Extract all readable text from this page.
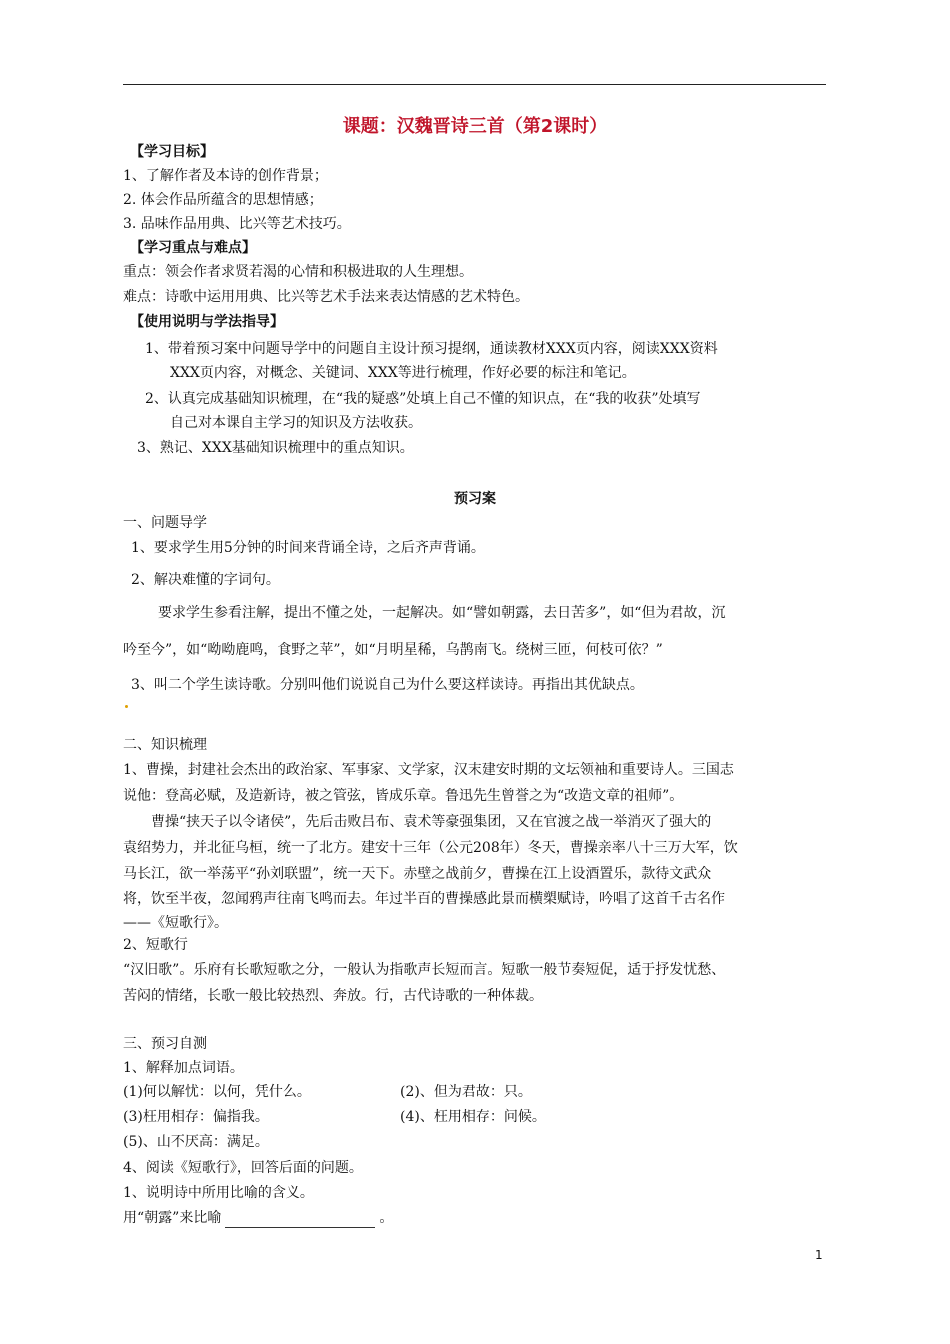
课题：汉魏晋诗三首（第2课时）
【学习目标】
1、了解作者及本诗的创作背景；
2. 体会作品所蕴含的思想情感；
3. 品味作品用典、比兴等艺术技巧。
【学习重点与难点】
重点：领会作者求贤若渴的心情和积极进取的人生理想。
难点：诗歌中运用用典、比兴等艺术手法来表达情感的艺术特色。
【使用说明与学法指导】
1、带着预习案中问题导学中的问题自主设计预习提纲，通读教材XXX页内容，阅读XXX资料
XXX页内容，对概念、关键词、XXX等进行梳理，作好必要的标注和笔记。
2、认真完成基础知识梳理，在“我的疑惑”处填上自己不懂的知识点，在“我的收获”处填写
自己对本课自主学习的知识及方法收获。
3、熟记、XXX基础知识梳理中的重点知识。
预习案
一、问题导学
1、要求学生用5分钟的时间来背诵全诗，之后齐声背诵。
2、解决难懂的字词句。
要求学生参看注解，提出不懂之处，一起解决。如“譬如朝露，去日苦多”，如“但为君故，沉
吟至今”，如“呦呦鹿鸣，食野之苹”，如“月明星稀，乌鹊南飞。绕树三匝，何枝可依？”
3、叫二个学生读诗歌。分别叫他们说说自己为什么要这样读诗。再指出其优缺点。
二、知识梳理
1、曹操，封建社会杰出的政治家、军事家、文学家，汉末建安时期的文坛领袖和重要诗人。三国志
说他：登高必赋，及造新诗，被之管弦，皆成乐章。鲁迅先生曾誉之为“改造文章的祖师”。
曹操“挟天子以令诸侯”，先后击败吕布、袁术等豪强集团，又在官渡之战一举消灭了强大的
袁绍势力，并北征乌桓，统一了北方。建安十三年（公元208年）冬天，曹操亲率八十三万大军，饮
马长江，欲一举荡平“孙刘联盟”，统一天下。赤壁之战前夕，曹操在江上设酒置乐，款待文武众
将，饮至半夜，忽闻鸦声往南飞鸣而去。年过半百的曹操感此景而横槊赋诗，吟唱了这首千古名作
——《短歌行》。
2、短歌行
“汉旧歌”。乐府有长歌短歌之分，一般认为指歌声长短而言。短歌一般节奏短促，适于抒发忧愁、
苦闷的情绪，长歌一般比较热烈、奔放。行，古代诗歌的一种体裁。
三、预习自测
1、解释加点词语。
(1)何以解忧：以何，凭什么。	(2)、但为君故：只。
(3)枉用相存：偏指我。	(4)、枉用相存：问候。
(5)、山不厌高：满足。
4、阅读《短歌行》，回答后面的问题。
1、说明诗中所用比喻的含义。
用“朝露”来比喻	。
1
